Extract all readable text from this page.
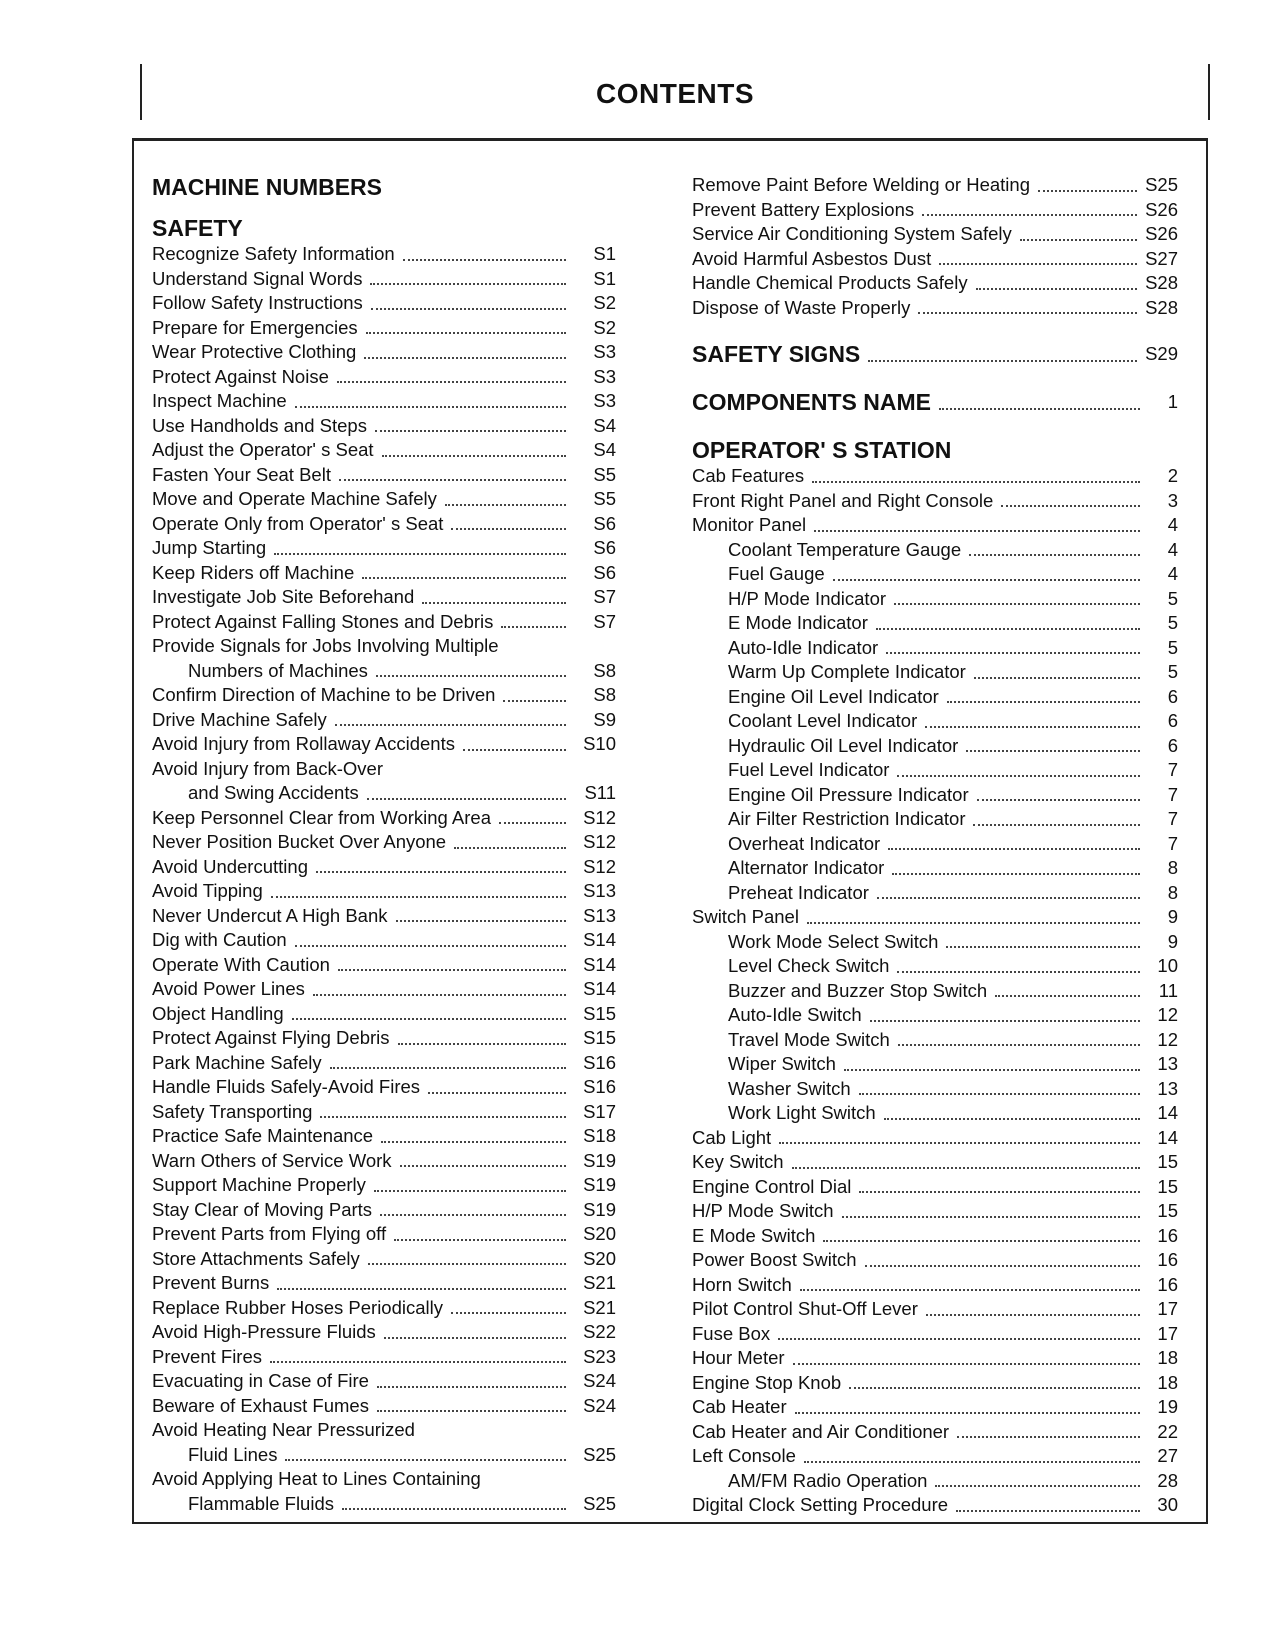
CONTENTS
MACHINE NUMBERS
SAFETY
Recognize Safety Information	S1
Understand Signal Words	S1
Follow Safety Instructions	S2
Prepare for Emergencies	S2
Wear Protective Clothing	S3
Protect Against Noise	S3
Inspect Machine	S3
Use Handholds and Steps	S4
Adjust the Operator' s Seat	S4
Fasten Your Seat Belt	S5
Move and Operate Machine Safely	S5
Operate Only from Operator' s Seat	S6
Jump Starting	S6
Keep Riders off Machine	S6
Investigate Job Site Beforehand	S7
Protect Against Falling Stones and Debris	S7
Provide Signals for Jobs Involving Multiple
Numbers of Machines	S8
Confirm Direction of Machine to be Driven	S8
Drive Machine Safely	S9
Avoid Injury from Rollaway Accidents	S10
Avoid Injury from Back-Over
and Swing Accidents	S11
Keep Personnel Clear from Working Area	S12
Never Position Bucket Over Anyone	S12
Avoid Undercutting	S12
Avoid Tipping	S13
Never Undercut A High Bank	S13
Dig with Caution	S14
Operate With Caution	S14
Avoid Power Lines	S14
Object Handling	S15
Protect Against Flying Debris	S15
Park Machine Safely	S16
Handle Fluids Safely-Avoid Fires	S16
Safety Transporting	S17
Practice Safe Maintenance	S18
Warn Others of Service Work	S19
Support Machine Properly	S19
Stay Clear of Moving Parts	S19
Prevent Parts from Flying off	S20
Store Attachments Safely	S20
Prevent Burns	S21
Replace Rubber Hoses Periodically	S21
Avoid High-Pressure Fluids	S22
Prevent Fires	S23
Evacuating in Case of Fire	S24
Beware of Exhaust Fumes	S24
Avoid Heating Near Pressurized
Fluid Lines	S25
Avoid Applying Heat to Lines Containing
Flammable Fluids	S25
Remove Paint Before Welding or Heating	S25
Prevent Battery Explosions	S26
Service Air Conditioning System Safely	S26
Avoid Harmful Asbestos Dust	S27
Handle Chemical Products Safely	S28
Dispose of Waste Properly	S28
SAFETY SIGNS	S29
COMPONENTS NAME	1
OPERATOR' S STATION
Cab Features	2
Front Right Panel and Right Console	3
Monitor Panel	4
Coolant Temperature Gauge	4
Fuel Gauge	4
H/P Mode Indicator	5
E Mode Indicator	5
Auto-Idle Indicator	5
Warm Up Complete Indicator	5
Engine Oil Level Indicator	6
Coolant Level Indicator	6
Hydraulic Oil Level Indicator	6
Fuel Level Indicator	7
Engine Oil Pressure Indicator	7
Air Filter Restriction Indicator	7
Overheat Indicator	7
Alternator Indicator	8
Preheat Indicator	8
Switch Panel	9
Work Mode Select Switch	9
Level Check Switch	10
Buzzer and Buzzer Stop Switch	11
Auto-Idle Switch	12
Travel Mode Switch	12
Wiper Switch	13
Washer Switch	13
Work Light Switch	14
Cab Light	14
Key Switch	15
Engine Control Dial	15
H/P Mode Switch	15
E Mode Switch	16
Power Boost Switch	16
Horn Switch	16
Pilot Control Shut-Off Lever	17
Fuse Box	17
Hour Meter	18
Engine Stop Knob	18
Cab Heater	19
Cab Heater and Air Conditioner	22
Left Console	27
AM/FM Radio Operation	28
Digital Clock Setting Procedure	30
